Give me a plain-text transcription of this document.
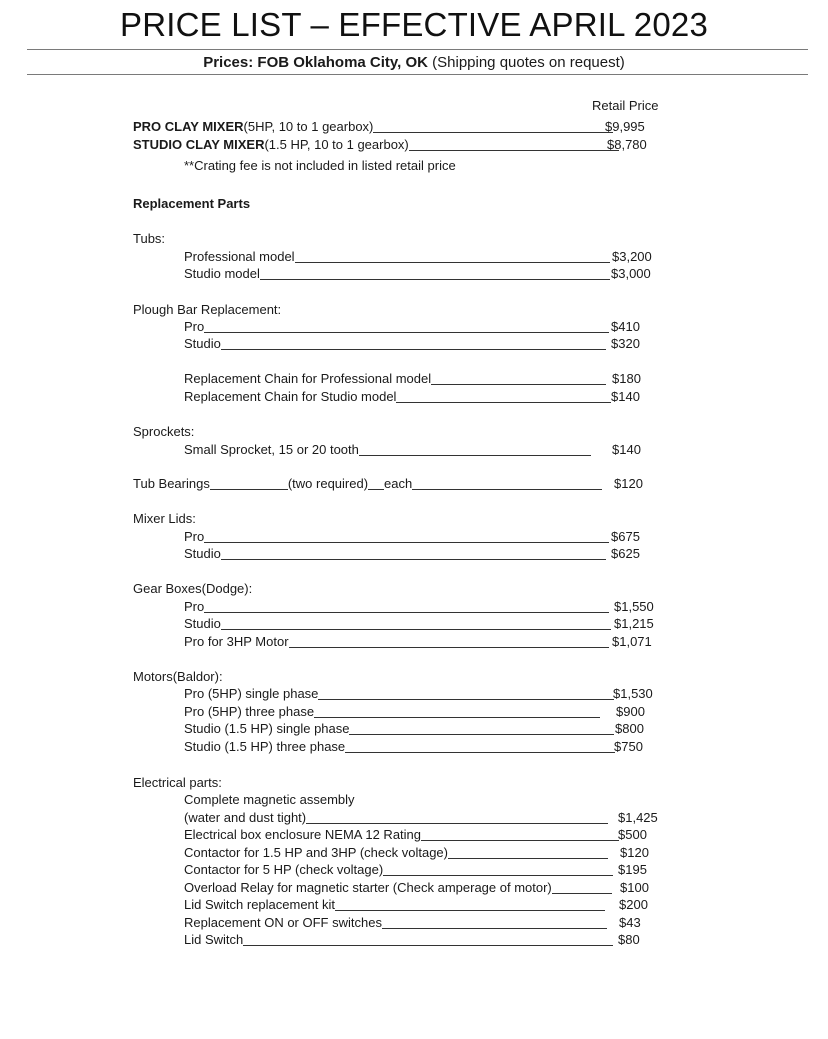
PRICE LIST – EFFECTIVE APRIL 2023
Prices: FOB Oklahoma City, OK (Shipping quotes on request)
Retail Price
PRO CLAY MIXER (5HP, 10 to 1 gearbox)	$9,995
STUDIO CLAY MIXER (1.5 HP, 10 to 1 gearbox)	$8,780
**Crating fee is not included in listed retail price
Replacement Parts
Tubs:
Professional model	$3,200
Studio model	$3,000
Plough Bar Replacement:
Pro	$410
Studio	$320
Replacement Chain for Professional model	$180
Replacement Chain for Studio model	$140
Sprockets:
Small Sprocket, 15 or 20 tooth	$140
Tub Bearings	(two required) each	$120
Mixer Lids:
Pro	$675
Studio	$625
Gear Boxes(Dodge):
Pro	$1,550
Studio	$1,215
Pro for 3HP Motor	$1,071
Motors(Baldor):
Pro (5HP) single phase	$1,530
Pro (5HP) three phase	$900
Studio (1.5 HP) single phase	$800
Studio (1.5 HP) three phase	$750
Electrical parts:
Complete magnetic assembly
(water and dust tight)	$1,425
Electrical box enclosure NEMA 12 Rating	$500
Contactor for 1.5 HP and 3HP (check voltage)	$120
Contactor for 5 HP (check voltage)	$195
Overload Relay for magnetic starter (Check amperage of motor)	$100
Lid Switch replacement kit	$200
Replacement ON or OFF switches	$43
Lid Switch	$80
